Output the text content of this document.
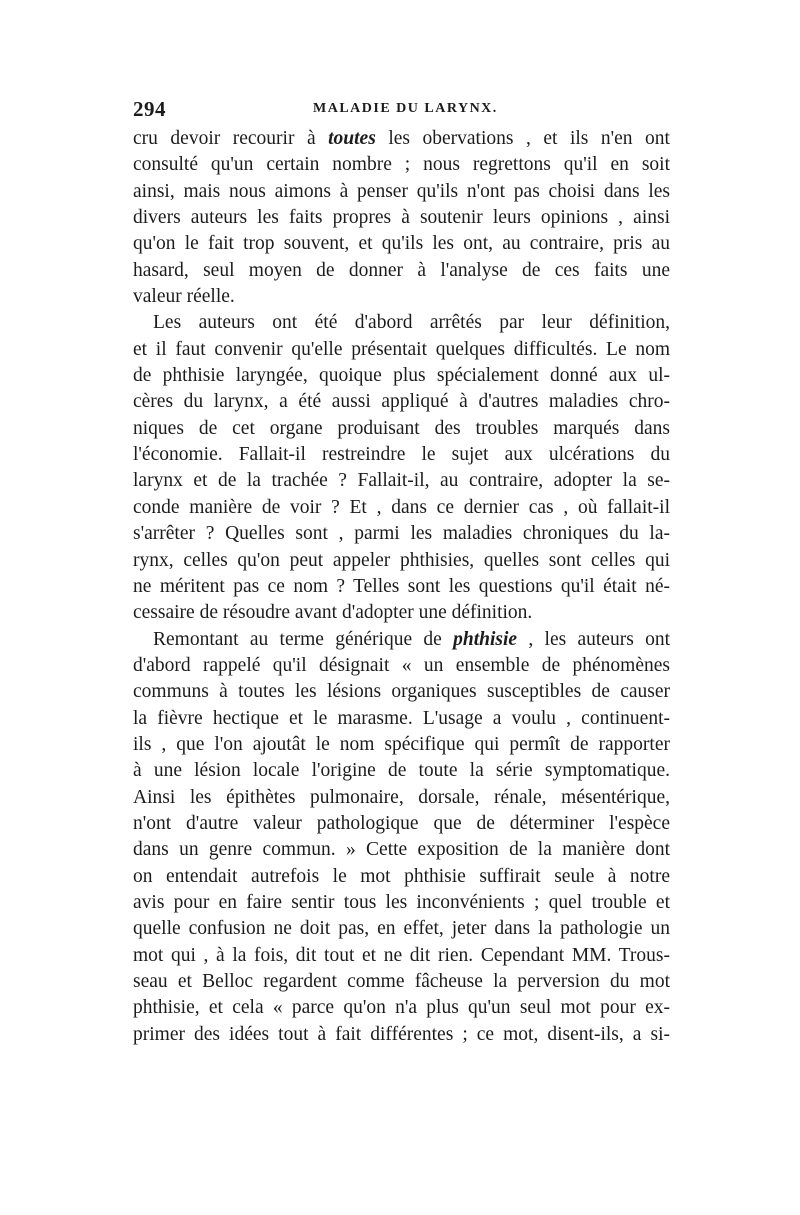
294	MALADIE DU LARYNX.
cru devoir recourir à toutes les obervations , et ils n'en ont
consulté qu'un certain nombre ; nous regrettons qu'il en soit
ainsi, mais nous aimons à penser qu'ils n'ont pas choisi dans les
divers auteurs les faits propres à soutenir leurs opinions , ainsi
qu'on le fait trop souvent, et qu'ils les ont, au contraire, pris au
hasard, seul moyen de donner à l'analyse de ces faits une
valeur réelle.
Les auteurs ont été d'abord arrêtés par leur définition,
et il faut convenir qu'elle présentait quelques difficultés. Le nom
de phthisie laryngée, quoique plus spécialement donné aux ul-
cères du larynx, a été aussi appliqué à d'autres maladies chro-
niques de cet organe produisant des troubles marqués dans
l'économie. Fallait-il restreindre le sujet aux ulcérations du
larynx et de la trachée ? Fallait-il, au contraire, adopter la se-
conde manière de voir ? Et , dans ce dernier cas , où fallait-il
s'arrêter ? Quelles sont , parmi les maladies chroniques du la-
rynx, celles qu'on peut appeler phthisies, quelles sont celles qui
ne méritent pas ce nom ? Telles sont les questions qu'il était né-
cessaire de résoudre avant d'adopter une définition.
Remontant au terme générique de phthisie , les auteurs ont
d'abord rappelé qu'il désignait « un ensemble de phénomènes
communs à toutes les lésions organiques susceptibles de causer
la fièvre hectique et le marasme. L'usage a voulu , continuent-
ils , que l'on ajoutât le nom spécifique qui permît de rapporter
à une lésion locale l'origine de toute la série symptomatique.
Ainsi les épithètes pulmonaire, dorsale, rénale, mésentérique,
n'ont d'autre valeur pathologique que de déterminer l'espèce
dans un genre commun. » Cette exposition de la manière dont
on entendait autrefois le mot phthisie suffirait seule à notre
avis pour en faire sentir tous les inconvénients ; quel trouble et
quelle confusion ne doit pas, en effet, jeter dans la pathologie un
mot qui , à la fois, dit tout et ne dit rien. Cependant MM. Trous-
seau et Belloc regardent comme fâcheuse la perversion du mot
phthisie, et cela « parce qu'on n'a plus qu'un seul mot pour ex-
primer des idées tout à fait différentes ; ce mot, disent-ils, a si-
